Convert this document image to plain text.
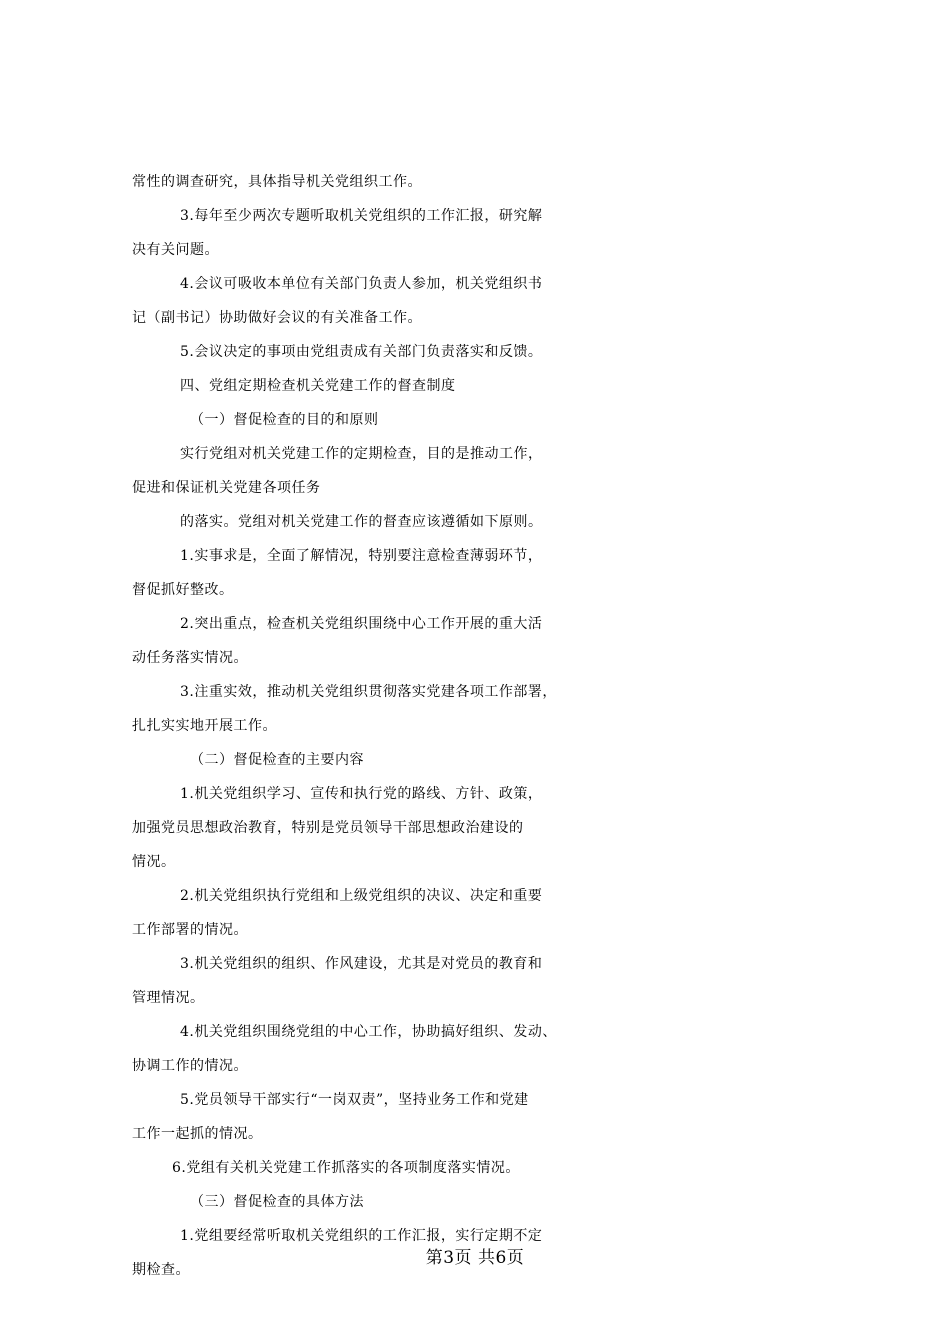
常性的调查研究，具体指导机关党组织工作。
3.每年至少两次专题听取机关党组织的工作汇报，研究解
决有关问题。
4.会议可吸收本单位有关部门负责人参加，机关党组织书
记（副书记）协助做好会议的有关准备工作。
5.会议决定的事项由党组责成有关部门负责落实和反馈。
四、党组定期检查机关党建工作的督查制度
（一）督促检查的目的和原则
实行党组对机关党建工作的定期检查，目的是推动工作，
促进和保证机关党建各项任务
的落实。党组对机关党建工作的督查应该遵循如下原则。
1.实事求是，全面了解情况，特别要注意检查薄弱环节，
督促抓好整改。
2.突出重点，检查机关党组织围绕中心工作开展的重大活
动任务落实情况。
3.注重实效，推动机关党组织贯彻落实党建各项工作部署，
扎扎实实地开展工作。
（二）督促检查的主要内容
1.机关党组织学习、宣传和执行党的路线、方针、政策，
加强党员思想政治教育，特别是党员领导干部思想政治建设的
情况。
2.机关党组织执行党组和上级党组织的决议、决定和重要
工作部署的情况。
3.机关党组织的组织、作风建设，尤其是对党员的教育和
管理情况。
4.机关党组织围绕党组的中心工作，协助搞好组织、发动、
协调工作的情况。
5.党员领导干部实行“一岗双责”，坚持业务工作和党建
工作一起抓的情况。
6.党组有关机关党建工作抓落实的各项制度落实情况。
（三）督促检查的具体方法
1.党组要经常听取机关党组织的工作汇报，实行定期不定
期检查。
第3页 共6页
